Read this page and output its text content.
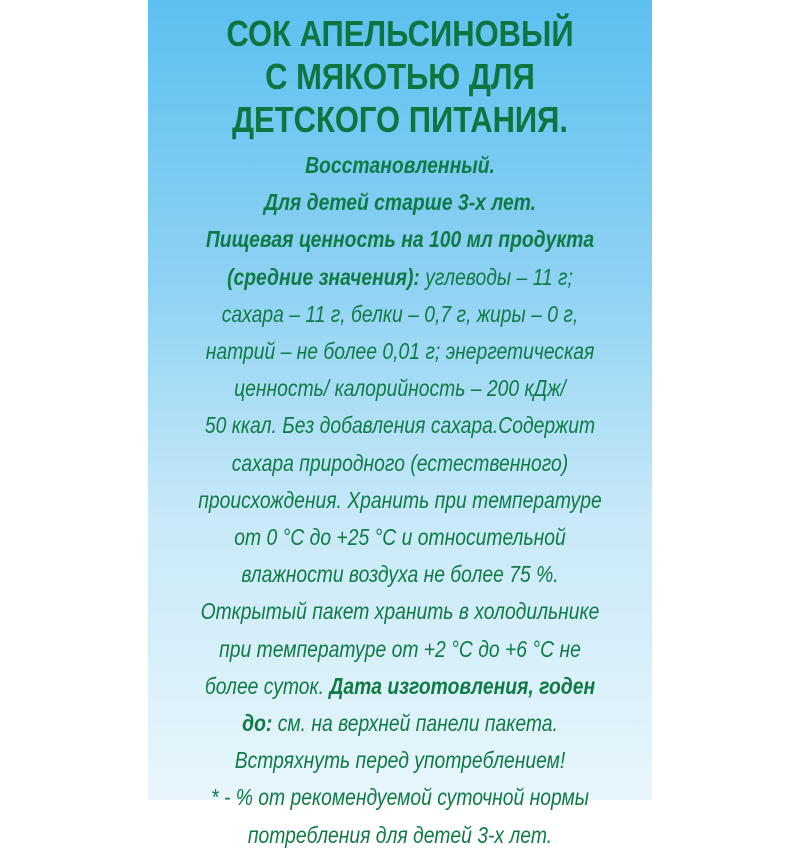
СОК АПЕЛЬСИНОВЫЙ
С МЯКОТЬЮ ДЛЯ
ДЕТСКОГО ПИТАНИЯ.
Восстановленный.
Для детей старше 3-х лет.
Пищевая ценность на 100 мл продукта
(средние значения): углеводы – 11 г;
сахара – 11 г, белки – 0,7 г, жиры – 0 г,
натрий – не более 0,01 г; энергетическая
ценность/ калорийность – 200 кДж/
50 ккал. Без добавления сахара.Содержит
сахара природного (естественного)
происхождения. Хранить при температуре
от 0 °С до +25 °С и относительной
влажности воздуха не более 75 %.
Открытый пакет хранить в холодильнике
при температуре от +2 °С до +6 °С не
более суток. Дата изготовления, годен
до: см. на верхней панели пакета.
Встряхнуть перед употреблением!
* - % от рекомендуемой суточной нормы
потребления для детей 3-х лет.
